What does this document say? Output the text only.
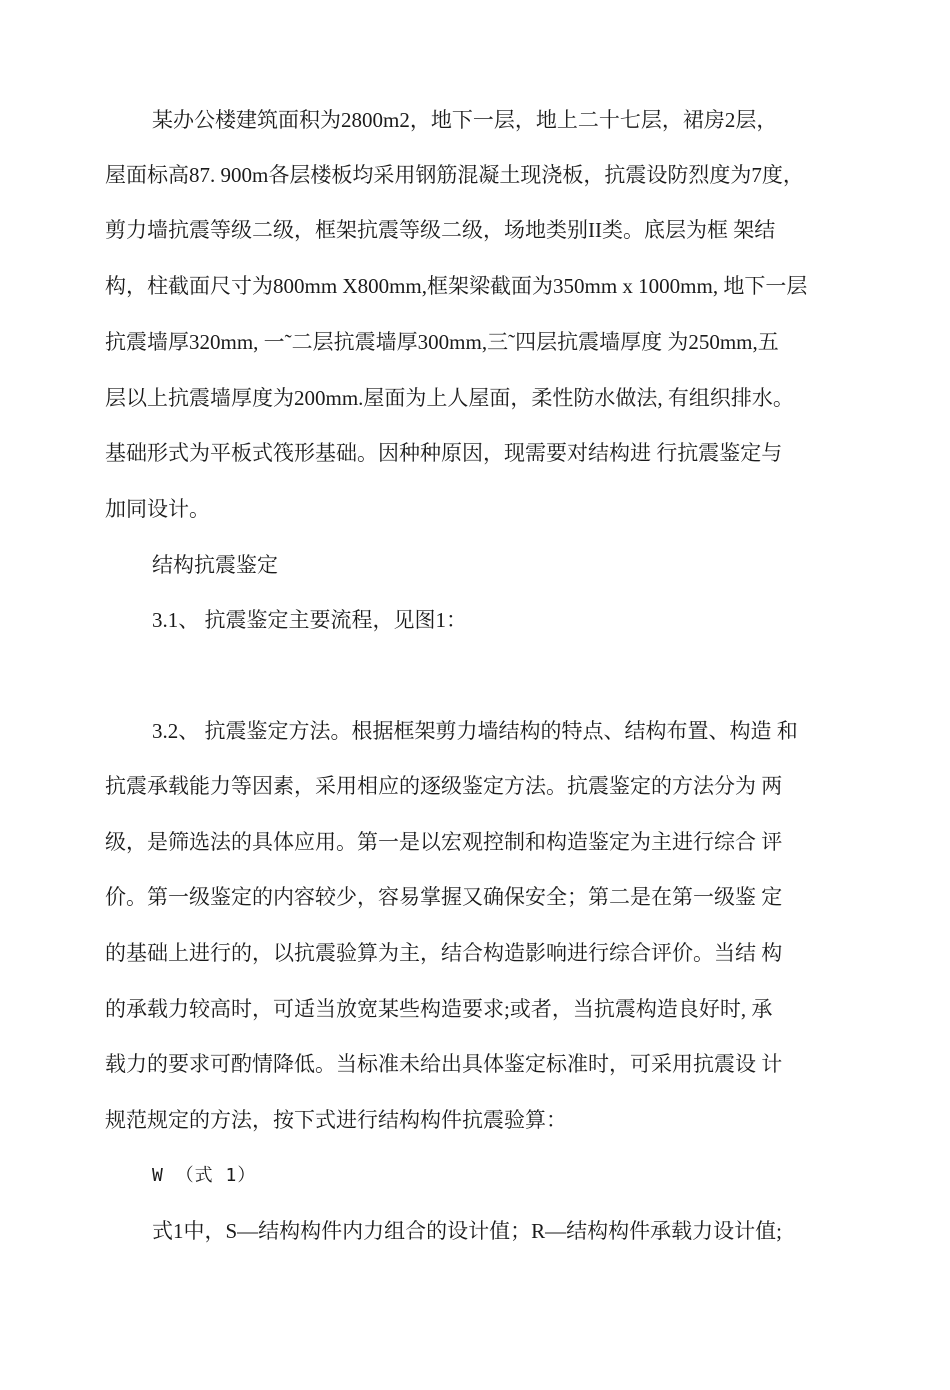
某办公楼建筑面积为2800m2，地下一层，地上二十七层，裙房2层，
屋面标高87. 900m各层楼板均采用钢筋混凝土现浇板，抗震设防烈度为7度，
剪力墙抗震等级二级，框架抗震等级二级，场地类别II类。底层为框 架结
构，柱截面尺寸为800mm X800mm,框架梁截面为350mm x 1000mm, 地下一层
抗震墙厚320mm, 一˜二层抗震墙厚300mm,三˜四层抗震墙厚度 为250mm,五
层以上抗震墙厚度为200mm.屋面为上人屋面，柔性防水做法, 有组织排水。
基础形式为平板式筏形基础。因种种原因，现需要对结构进 行抗震鉴定与
加同设计。
结构抗震鉴定
3.1、 抗震鉴定主要流程，见图1：
3.2、 抗震鉴定方法。根据框架剪力墙结构的特点、结构布置、构造 和
抗震承载能力等因素，采用相应的逐级鉴定方法。抗震鉴定的方法分为 两
级，是筛选法的具体应用。第一是以宏观控制和构造鉴定为主进行综合 评
价。第一级鉴定的内容较少，容易掌握又确保安全；第二是在第一级鉴 定
的基础上进行的，以抗震验算为主，结合构造影响进行综合评价。当结 构
的承载力较高时，可适当放宽某些构造要求;或者，当抗震构造良好时, 承
载力的要求可酌情降低。当标准未给出具体鉴定标准时，可采用抗震设 计
规范规定的方法，按下式进行结构构件抗震验算：
W （式 1）
式1中，S—结构构件内力组合的设计值；R—结构构件承载力设计值;
